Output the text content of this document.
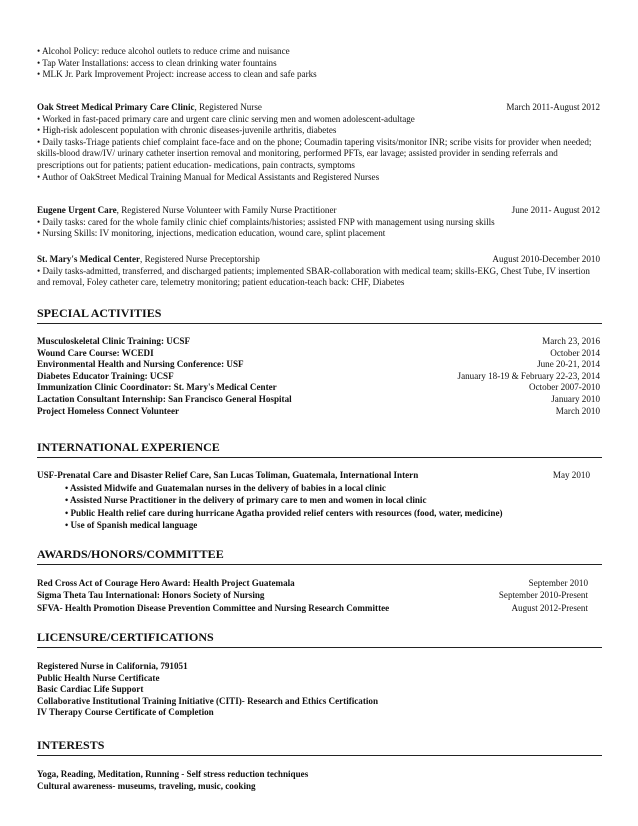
• Alcohol Policy: reduce alcohol outlets to reduce crime and nuisance
• Tap Water Installations: access to clean drinking water fountains
• MLK Jr. Park Improvement Project: increase access to clean and safe parks
Oak Street Medical Primary Care Clinic, Registered Nurse	March 2011-August 2012
• Worked in fast-paced primary care and urgent care clinic serving men and women adolescent-adultage
• High-risk adolescent population with chronic diseases-juvenile arthritis, diabetes
• Daily tasks-Triage patients chief complaint face-face and on the phone; Coumadin tapering visits/monitor INR; scribe visits for provider when needed; skills-blood draw/IV/ urinary catheter insertion removal and monitoring, performed PFTs, ear lavage; assisted provider in sending referrals and prescriptions out for patients; patient education- medications, pain contracts, symptoms
• Author of OakStreet Medical Training Manual for Medical Assistants and Registered Nurses
Eugene Urgent Care, Registered Nurse Volunteer with Family Nurse Practitioner	June 2011- August 2012
• Daily tasks: cared for the whole family clinic chief complaints/histories; assisted FNP with management using nursing skills
• Nursing Skills: IV monitoring, injections, medication education, wound care, splint placement
St. Mary's Medical Center, Registered Nurse Preceptorship	August 2010-December 2010
• Daily tasks-admitted, transferred, and discharged patients; implemented SBAR-collaboration with medical team; skills-EKG, Chest Tube, IV insertion and removal, Foley catheter care, telemetry monitoring; patient education-teach back: CHF, Diabetes
SPECIAL ACTIVITIES
Musculoskeletal Clinic Training: UCSF	March 23, 2016
Wound Care Course: WCEDI	October 2014
Environmental Health and Nursing Conference: USF	June 20-21, 2014
Diabetes Educator Training: UCSF	January 18-19 & February 22-23, 2014
Immunization Clinic Coordinator: St. Mary's Medical Center	October 2007-2010
Lactation Consultant Internship: San Francisco General Hospital	January 2010
Project Homeless Connect Volunteer	March 2010
INTERNATIONAL EXPERIENCE
USF-Prenatal Care and Disaster Relief Care, San Lucas Toliman, Guatemala, International Intern	May 2010
• Assisted Midwife and Guatemalan nurses in the delivery of babies in a local clinic
• Assisted Nurse Practitioner in the delivery of primary care to men and women in local clinic
• Public Health relief care during hurricane Agatha provided relief centers with resources (food, water, medicine)
• Use of Spanish medical language
AWARDS/HONORS/COMMITTEE
Red Cross Act of Courage Hero Award: Health Project Guatemala	September 2010
Sigma Theta Tau International: Honors Society of Nursing	September 2010-Present
SFVA- Health Promotion Disease Prevention Committee and Nursing Research Committee	August 2012-Present
LICENSURE/CERTIFICATIONS
Registered Nurse in California, 791051
Public Health Nurse Certificate
Basic Cardiac Life Support
Collaborative Institutional Training Initiative (CITI)- Research and Ethics Certification
IV Therapy Course Certificate of Completion
INTERESTS
Yoga, Reading, Meditation, Running - Self stress reduction techniques
Cultural awareness- museums, traveling, music, cooking
